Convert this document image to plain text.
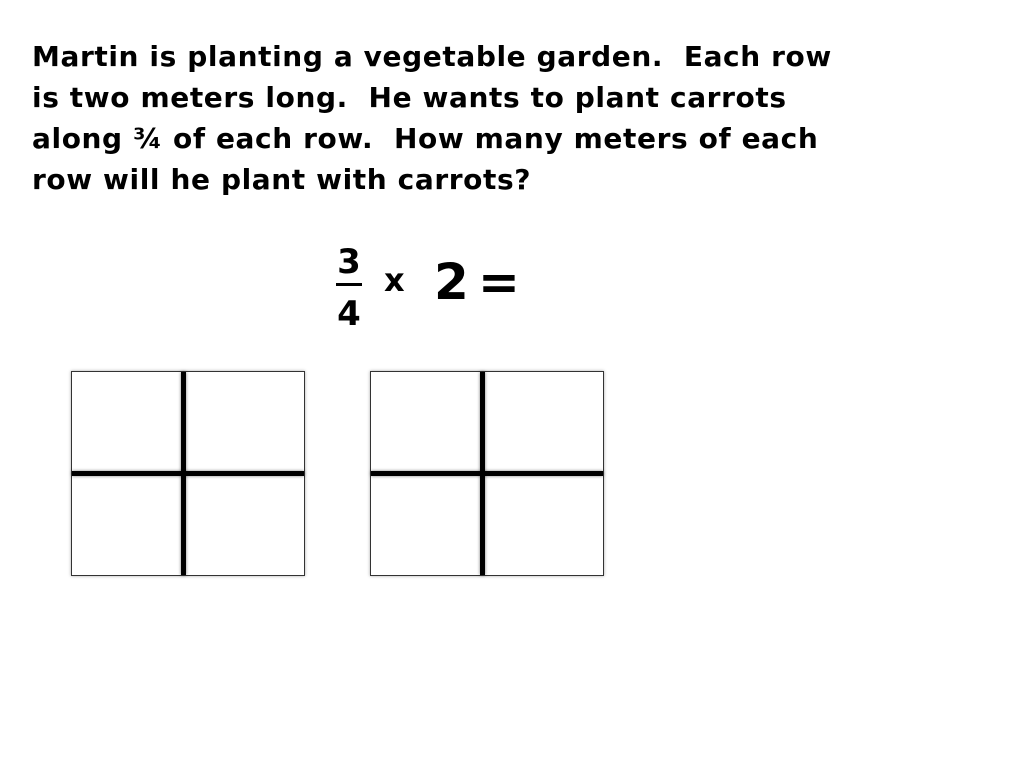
Martin is planting a vegetable garden.  Each row
is two meters long.  He wants to plant carrots
along ¾ of each row.  How many meters of each
row will he plant with carrots?
3
4
x 2 =
